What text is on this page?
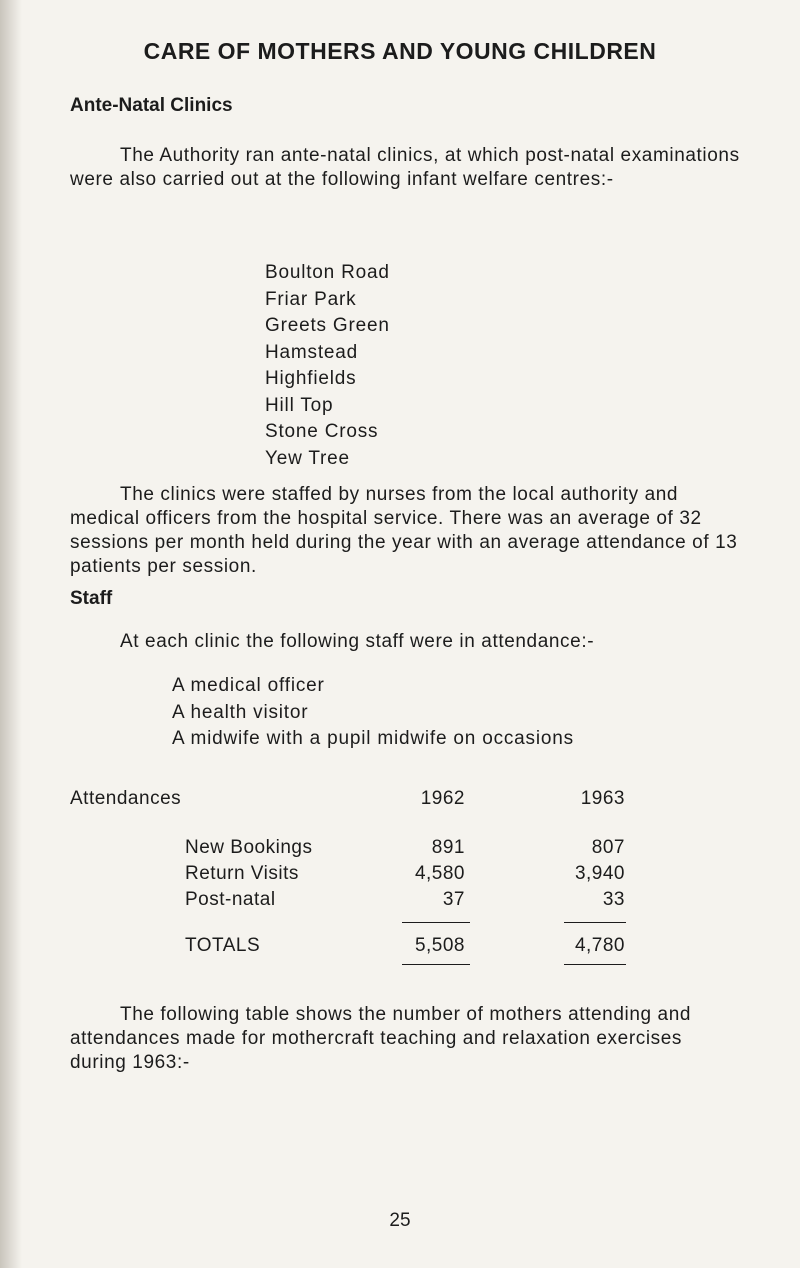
CARE OF MOTHERS AND YOUNG CHILDREN
Ante-Natal Clinics
The Authority ran ante-natal clinics, at which post-natal examinations were also carried out at the following infant welfare centres:-
Boulton Road
Friar Park
Greets Green
Hamstead
Highfields
Hill Top
Stone Cross
Yew Tree
The clinics were staffed by nurses from the local authority and medical officers from the hospital service. There was an average of 32 sessions per month held during the year with an average attendance of 13 patients per session.
Staff
At each clinic the following staff were in attendance:-
A medical officer
A health visitor
A midwife with a pupil midwife on occasions
Attendances	1962	1963
New Bookings	891	807
Return Visits	4,580	3,940
Post-natal	37	33
TOTALS	5,508	4,780
The following table shows the number of mothers attending and attendances made for mothercraft teaching and relaxation exercises during 1963:-
25
